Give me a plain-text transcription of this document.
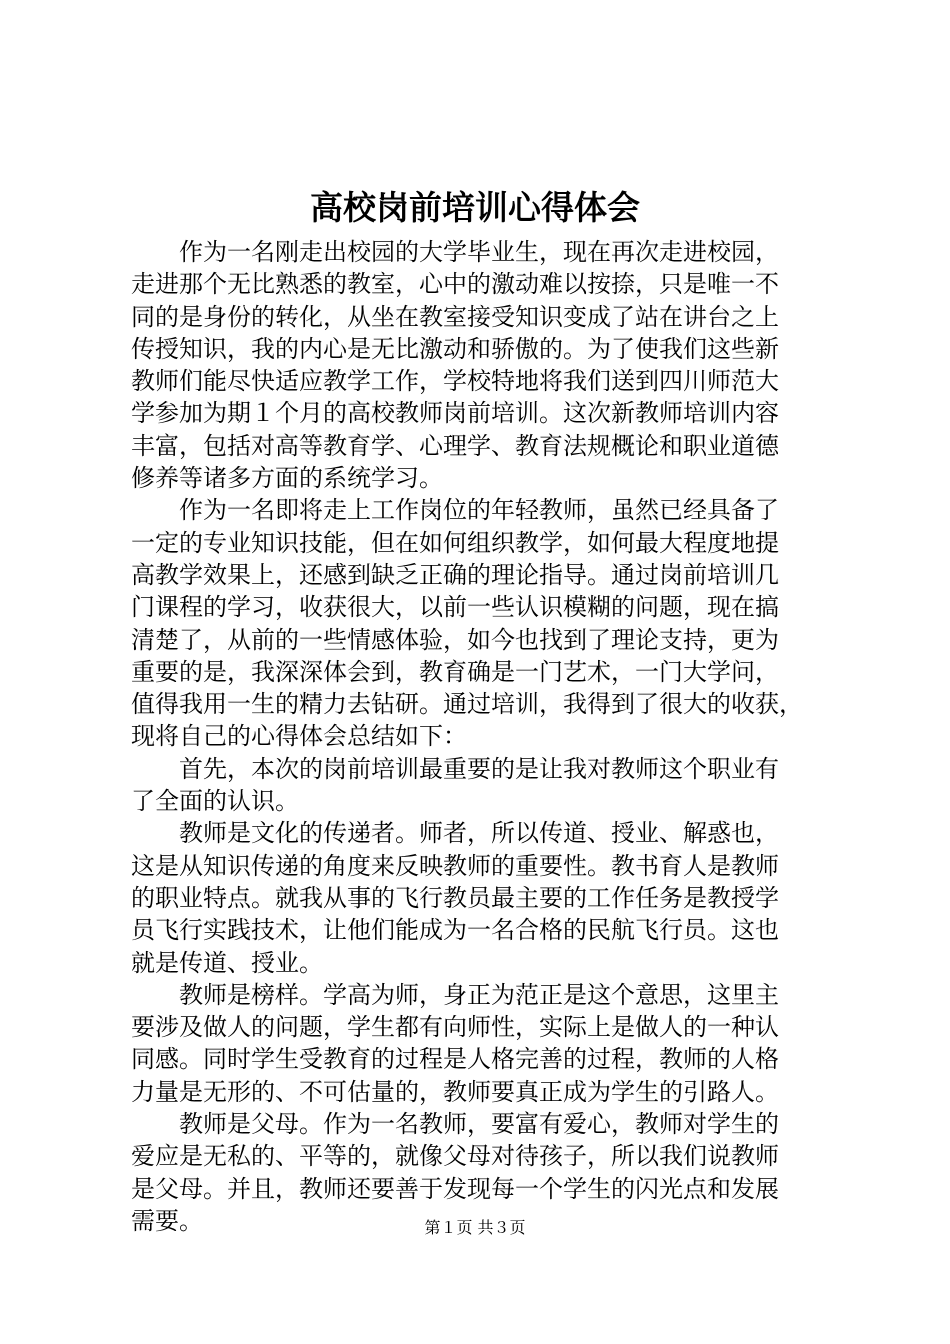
高校岗前培训心得体会

作为一名刚走出校园的大学毕业生，现在再次走进校园，
走进那个无比熟悉的教室，心中的激动难以按捺，只是唯一不
同的是身份的转化，从坐在教室接受知识变成了站在讲台之上
传授知识，我的内心是无比激动和骄傲的。为了使我们这些新
教师们能尽快适应教学工作，学校特地将我们送到四川师范大
学参加为期１个月的高校教师岗前培训。这次新教师培训内容
丰富，包括对高等教育学、心理学、教育法规概论和职业道德
修养等诸多方面的系统学习。

作为一名即将走上工作岗位的年轻教师，虽然已经具备了
一定的专业知识技能，但在如何组织教学，如何最大程度地提
高教学效果上，还感到缺乏正确的理论指导。通过岗前培训几
门课程的学习，收获很大，以前一些认识模糊的问题，现在搞
清楚了，从前的一些情感体验，如今也找到了理论支持，更为
重要的是，我深深体会到，教育确是一门艺术，一门大学问，
值得我用一生的精力去钻研。通过培训，我得到了很大的收获，
现将自己的心得体会总结如下：

首先，本次的岗前培训最重要的是让我对教师这个职业有
了全面的认识。

教师是文化的传递者。师者，所以传道、授业、解惑也，
这是从知识传递的角度来反映教师的重要性。教书育人是教师
的职业特点。就我从事的飞行教员最主要的工作任务是教授学
员飞行实践技术，让他们能成为一名合格的民航飞行员。这也
就是传道、授业。

教师是榜样。学高为师，身正为范正是这个意思，这里主
要涉及做人的问题，学生都有向师性，实际上是做人的一种认
同感。同时学生受教育的过程是人格完善的过程，教师的人格
力量是无形的、不可估量的，教师要真正成为学生的引路人。

教师是父母。作为一名教师，要富有爱心，教师对学生的
爱应是无私的、平等的，就像父母对待孩子，所以我们说教师
是父母。并且，教师还要善于发现每一个学生的闪光点和发展
需要。	第１页 共３页
